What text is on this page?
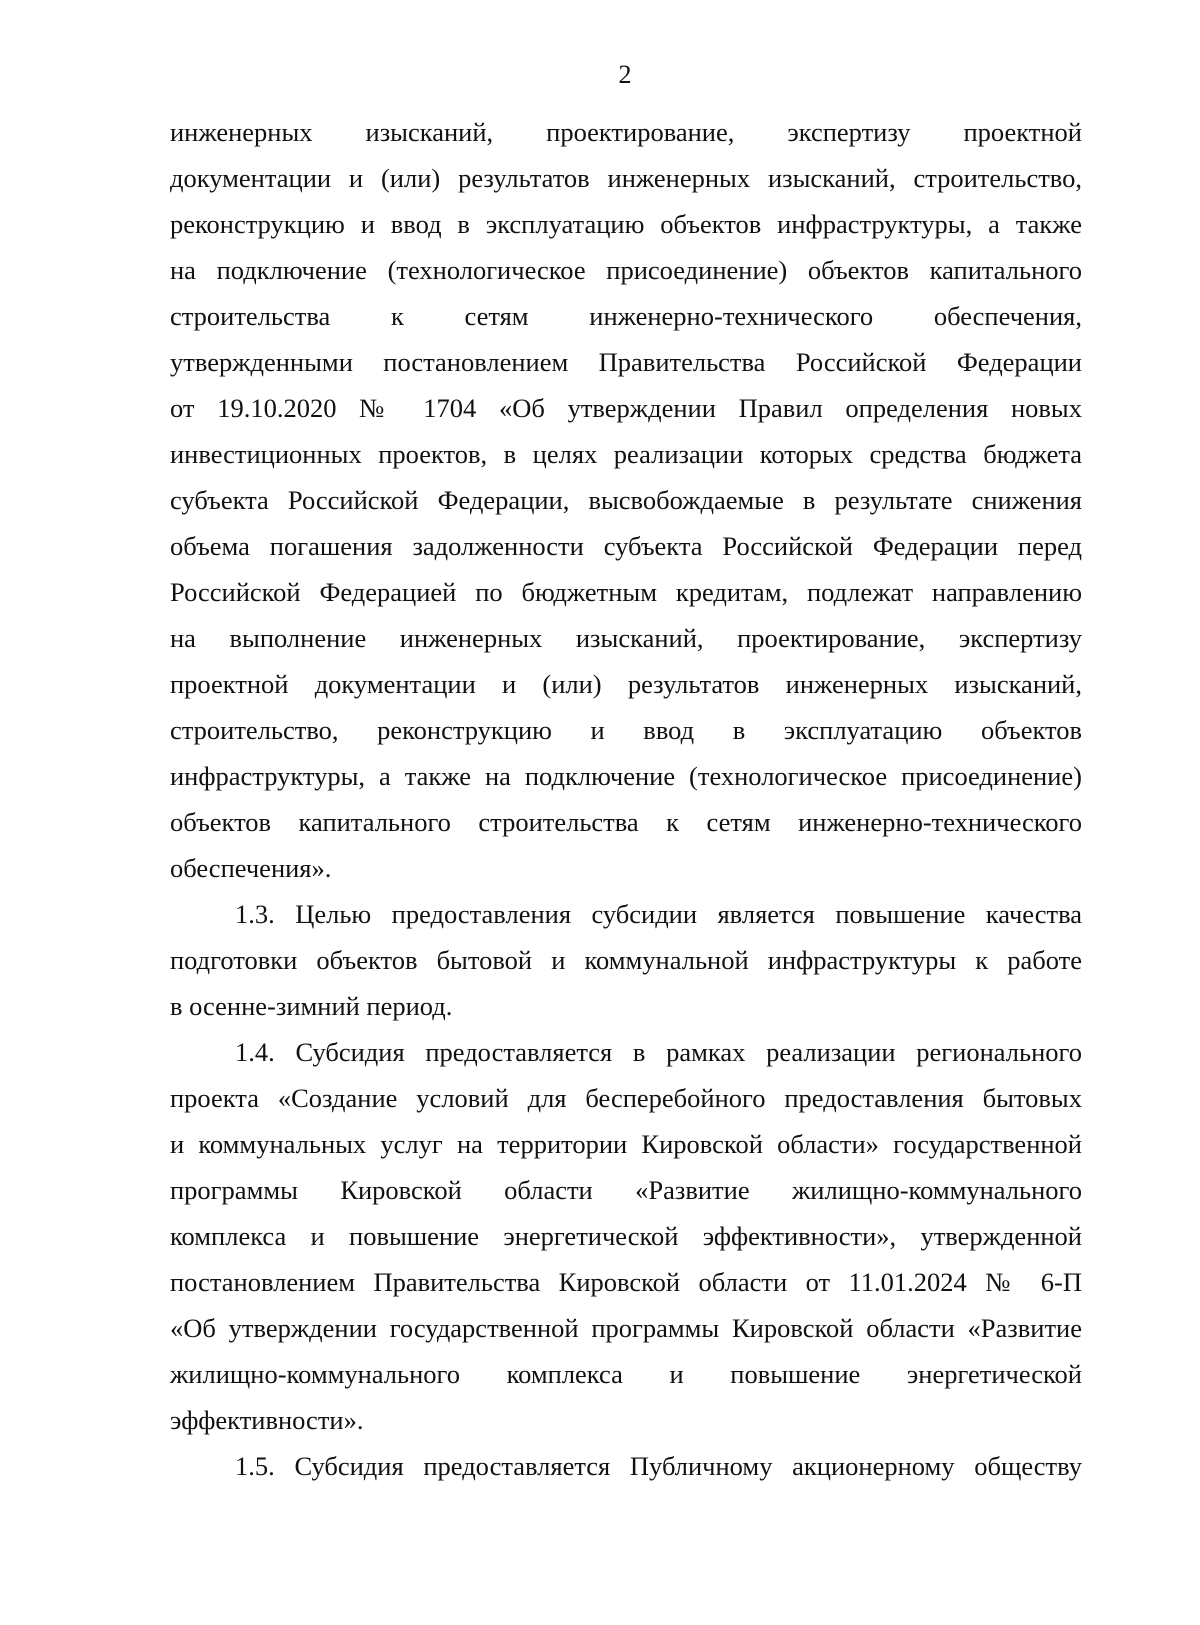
2
инженерных изысканий, проектирование, экспертизу проектной
документации и (или) результатов инженерных изысканий, строительство,
реконструкцию и ввод в эксплуатацию объектов инфраструктуры, а также
на подключение (технологическое присоединение) объектов капитального
строительства к сетям инженерно-технического обеспечения,
утвержденными постановлением Правительства Российской Федерации
от 19.10.2020 № 1704 «Об утверждении Правил определения новых
инвестиционных проектов, в целях реализации которых средства бюджета
субъекта Российской Федерации, высвобождаемые в результате снижения
объема погашения задолженности субъекта Российской Федерации перед
Российской Федерацией по бюджетным кредитам, подлежат направлению
на выполнение инженерных изысканий, проектирование, экспертизу
проектной документации и (или) результатов инженерных изысканий,
строительство, реконструкцию и ввод в эксплуатацию объектов
инфраструктуры, а также на подключение (технологическое присоединение)
объектов капитального строительства к сетям инженерно-технического
обеспечения».
1.3. Целью предоставления субсидии является повышение качества
подготовки объектов бытовой и коммунальной инфраструктуры к работе
в осенне-зимний период.
1.4. Субсидия предоставляется в рамках реализации регионального
проекта «Создание условий для бесперебойного предоставления бытовых
и коммунальных услуг на территории Кировской области» государственной
программы Кировской области «Развитие жилищно-коммунального
комплекса и повышение энергетической эффективности», утвержденной
постановлением Правительства Кировской области от 11.01.2024 № 6-П
«Об утверждении государственной программы Кировской области «Развитие
жилищно-коммунального комплекса и повышение энергетической
эффективности».
1.5. Субсидия предоставляется Публичному акционерному обществу
